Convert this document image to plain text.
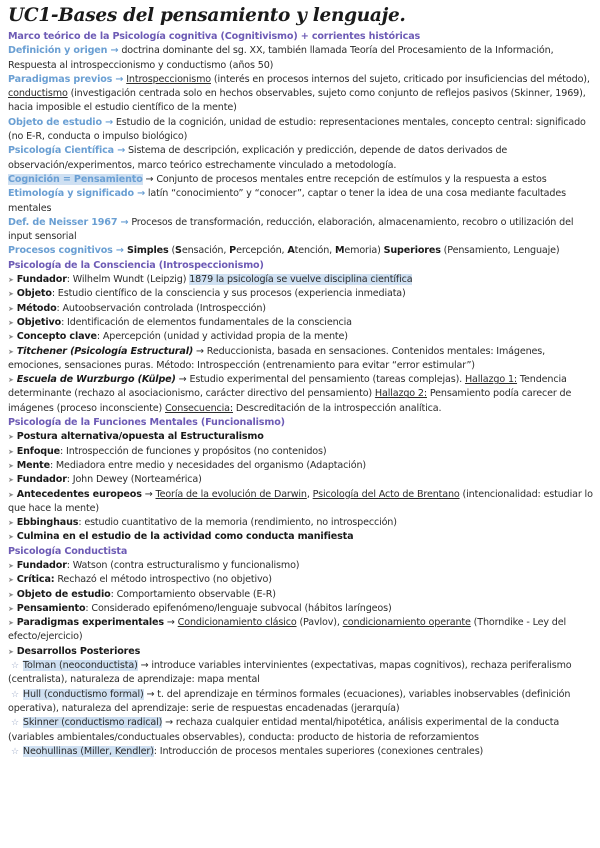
UC1-Bases del pensamiento y lenguaje.

Marco teórico de la Psicología cognitiva (Cognitivismo) + corrientes históricas

Definición y origen → doctrina dominante del sg. XX, también llamada Teoría del Procesamiento de la Información, Respuesta al introspeccionismo y conductismo (años 50)

Paradigmas previos → Introspeccionismo (interés en procesos internos del sujeto, criticado por insuficiencias del método), conductismo (investigación centrada solo en hechos observables, sujeto como conjunto de reflejos pasivos (Skinner, 1969), hacia imposible el estudio científico de la mente)

Objeto de estudio → Estudio de la cognición, unidad de estudio: representaciones mentales, concepto central: significado (no E-R, conducta o impulso biológico)

Psicología Científica → Sistema de descripción, explicación y predicción, depende de datos derivados de observación/experimentos, marco teórico estrechamente vinculado a metodología.

Cognición = Pensamiento → Conjunto de procesos mentales entre recepción de estímulos y la respuesta a estos

Etimología y significado → latín “conocimiento” y “conocer”, captar o tener la idea de una cosa mediante facultades mentales

Def. de Neisser 1967 → Procesos de transformación, reducción, elaboración, almacenamiento, recobro o utilización del input sensorial

Procesos cognitivos → Simples (Sensación, Percepción, Atención, Memoria) Superiores (Pensamiento, Lenguaje)

Psicología de la Consciencia (Introspeccionismo)

➤ Fundador: Wilhelm Wundt (Leipzig) 1879 la psicología se vuelve disciplina científica

➤ Objeto: Estudio científico de la consciencia y sus procesos (experiencia inmediata)

➤ Método: Autoobservación controlada (Introspección)

➤ Objetivo: Identificación de elementos fundamentales de la consciencia

➤ Concepto clave: Apercepción (unidad y actividad propia de la mente)

➤ Titchener (Psicología Estructural) → Reduccionista, basada en sensaciones. Contenidos mentales: Imágenes, emociones, sensaciones puras. Método: Introspección (entrenamiento para evitar “error estimular”)

➤ Escuela de Wurzburgo (Külpe) → Estudio experimental del pensamiento (tareas complejas). Hallazgo 1: Tendencia determinante (rechazo al asociacionismo, carácter directivo del pensamiento) Hallazgo 2: Pensamiento podía carecer de imágenes (proceso inconsciente) Consecuencia: Descreditación de la introspección analítica.

Psicología de la Funciones Mentales (Funcionalismo)

➤ Postura alternativa/opuesta al Estructuralismo

➤ Enfoque: Introspección de funciones y propósitos (no contenidos)

➤ Mente: Mediadora entre medio y necesidades del organismo (Adaptación)

➤ Fundador: John Dewey (Norteamérica)

➤ Antecedentes europeos → Teoría de la evolución de Darwin, Psicología del Acto de Brentano (intencionalidad: estudiar lo que hace la mente)

➤ Ebbinghaus: estudio cuantitativo de la memoria (rendimiento, no introspección)

➤ Culmina en el estudio de la actividad como conducta manifiesta

Psicología Conductista

➤ Fundador: Watson (contra estructuralismo y funcionalismo)

➤ Crítica: Rechazó el método introspectivo (no objetivo)

➤ Objeto de estudio: Comportamiento observable (E-R)

➤ Pensamiento: Considerado epifenómeno/lenguaje subvocal (hábitos laríngeos)

➤ Paradigmas experimentales → Condicionamiento clásico (Pavlov), condicionamiento operante (Thorndike - Ley del efecto/ejercicio)

➤ Desarrollos Posteriores

☆ Tolman (neoconductista) → introduce variables intervinientes (expectativas, mapas cognitivos), rechaza periferalismo (centralista), naturaleza de aprendizaje: mapa mental

☆ Hull (conductismo formal) → t. del aprendizaje en términos formales (ecuaciones), variables inobservables (definición operativa), naturaleza del aprendizaje: serie de respuestas encadenadas (jerarquía)

☆ Skinner (conductismo radical) → rechaza cualquier entidad mental/hipotética, análisis experimental de la conducta (variables ambientales/conductuales observables), conducta: producto de historia de reforzamientos

☆ Neohullinas (Miller, Kendler): Introducción de procesos mentales superiores (conexiones centrales)
